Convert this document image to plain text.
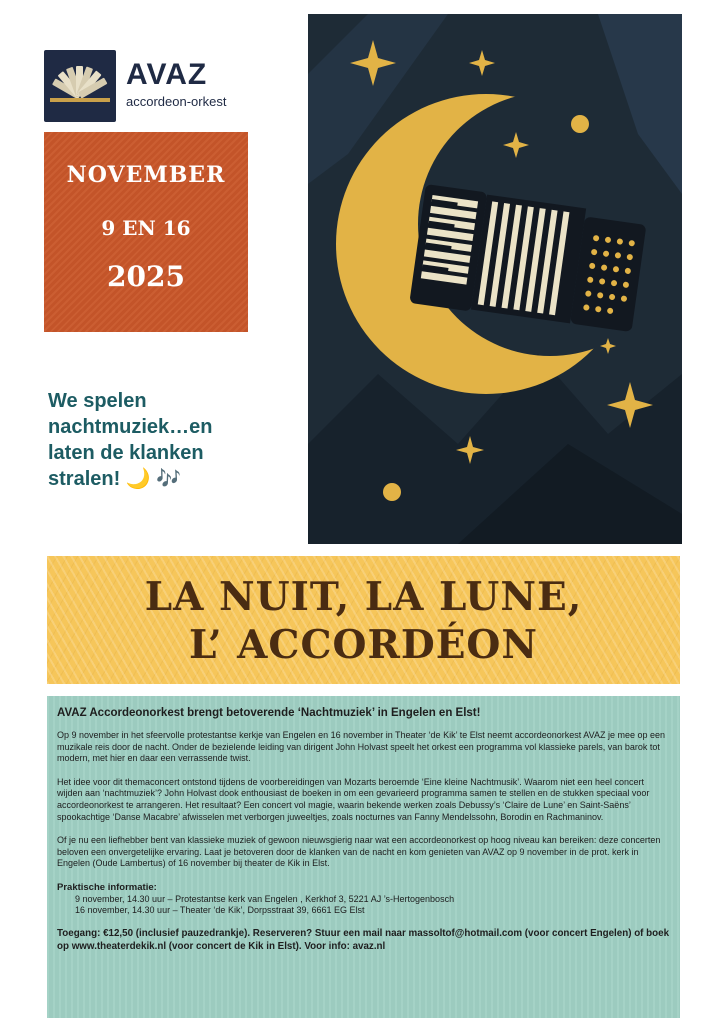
AVAZ
accordeon-orkest
NOVEMBER
9 EN 16
2025
We spelen nachtmuziek…en laten de klanken stralen! 🌙 🎶
LA NUIT, LA LUNE,
L’ ACCORDÉON

AVAZ Accordeonorkest brengt betoverende ‘Nachtmuziek’ in Engelen en Elst!

Op 9 november in het sfeervolle protestantse kerkje van Engelen en 16 november in Theater ‘de Kik’ te Elst neemt accordeonorkest AVAZ je mee op een muzikale reis door de nacht. Onder de bezielende leiding van dirigent John Holvast speelt het orkest een programma vol klassieke parels, van barok tot modern, met hier en daar een verrassende twist.

Het idee voor dit themaconcert ontstond tijdens de voorbereidingen van Mozarts beroemde ‘Eine kleine Nachtmusik’. Waarom niet een heel concert wijden aan ‘nachtmuziek’? John Holvast dook enthousiast de boeken in om een gevarieerd programma samen te stellen en de stukken speciaal voor accordeonorkest te arrangeren. Het resultaat? Een concert vol magie, waarin bekende werken zoals Debussy’s ‘Claire de Lune’ en Saint-Saëns’ spookachtige ‘Danse Macabre’ afwisselen met verborgen juweeltjes, zoals nocturnes van Fanny Mendelssohn, Borodin en Rachmaninov.

Of je nu een liefhebber bent van klassieke muziek of gewoon nieuwsgierig naar wat een accordeonorkest op hoog niveau kan bereiken: deze concerten beloven een onvergetelijke ervaring. Laat je betoveren door de klanken van de nacht en kom genieten van AVAZ op 9 november in de prot. kerk in Engelen (Oude Lambertus) of 16 november bij theater de Kik in Elst.

Praktische informatie:

9 november, 14.30 uur – Protestantse kerk van Engelen , Kerkhof 3, 5221 AJ ’s-Hertogenbosch

16 november, 14.30 uur – Theater ‘de Kik’, Dorpsstraat 39, 6661 EG Elst

Toegang: €12,50 (inclusief pauzedrankje). Reserveren? Stuur een mail naar massoltof@hotmail.com (voor concert Engelen) of boek op www.theaterdekik.nl (voor concert de Kik in Elst). Voor info: avaz.nl
